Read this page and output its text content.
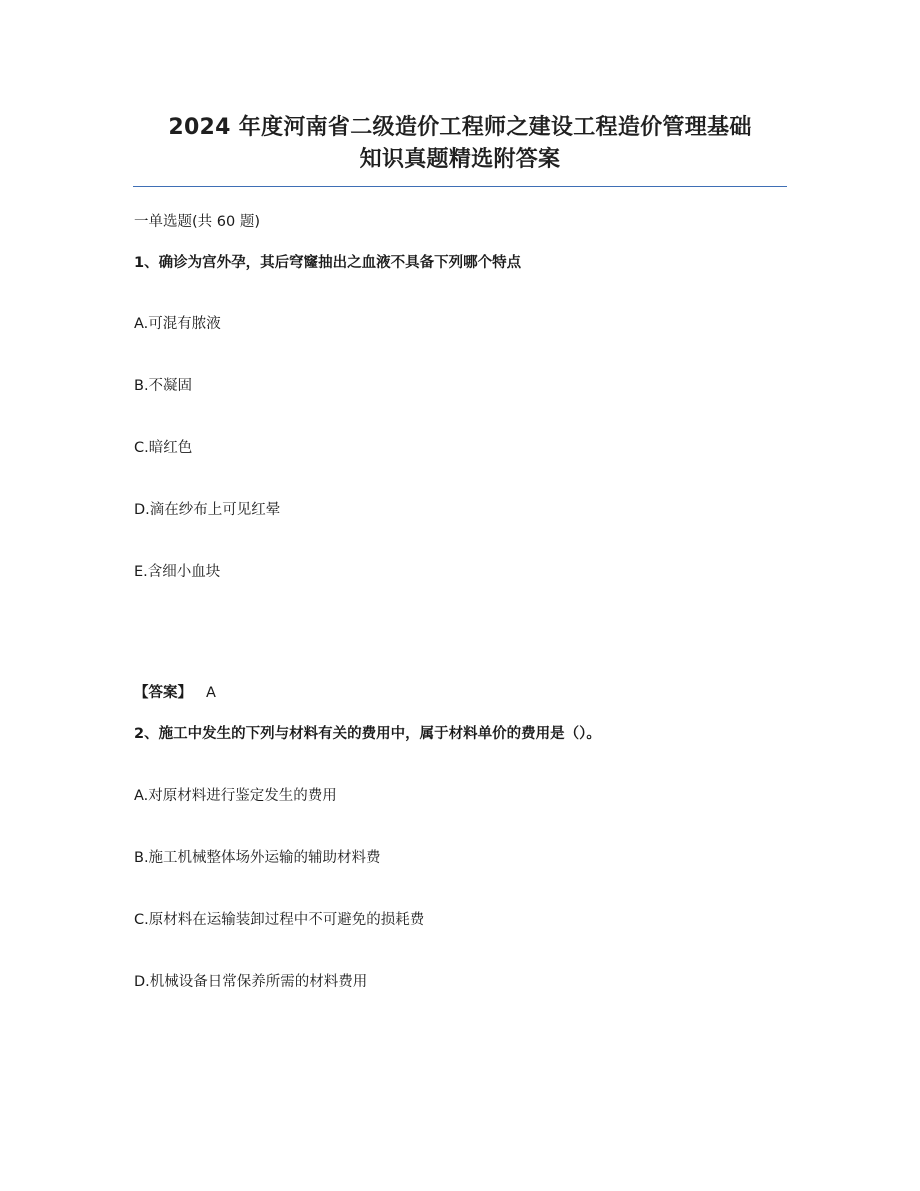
2024 年度河南省二级造价工程师之建设工程造价管理基础
知识真题精选附答案
一单选题(共 60 题)
1、确诊为宫外孕，其后穹窿抽出之血液不具备下列哪个特点
A.可混有脓液
B.不凝固
C.暗红色
D.滴在纱布上可见红晕
E.含细小血块
【答案】 A
2、施工中发生的下列与材料有关的费用中，属于材料单价的费用是（）。
A.对原材料进行鉴定发生的费用
B.施工机械整体场外运输的辅助材料费
C.原材料在运输装卸过程中不可避免的损耗费
D.机械设备日常保养所需的材料费用
